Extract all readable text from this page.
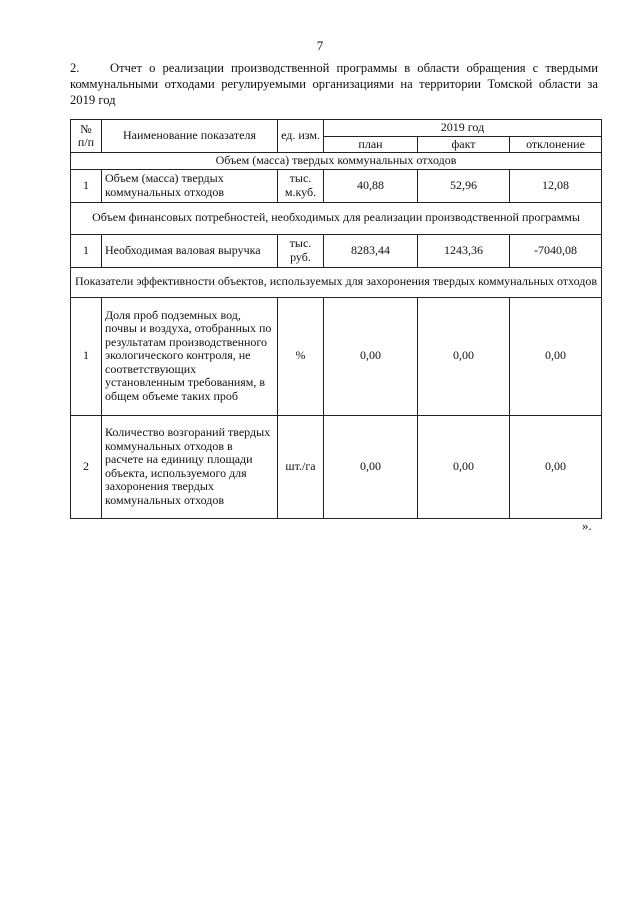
7
2. Отчет о реализации производственной программы в области обращения с твердыми коммунальными отходами регулируемыми организациями на территории Томской области за 2019 год
№ п/п	Наименование показателя	ед. изм.	2019 год		
			план	факт	отклонение
Объем (масса) твердых коммунальных отходов					
1	Объем (масса) твердых коммунальных отходов	тыс. м.куб.	40,88	52,96	12,08
Объем финансовых потребностей, необходимых для реализации производственной программы					
1	Необходимая валовая выручка	тыс. руб.	8283,44	1243,36	-7040,08
Показатели эффективности объектов, используемых для захоронения твердых коммунальных отходов					
1	Доля проб подземных вод, почвы и воздуха, отобранных по результатам производственного экологического контроля, не соответствующих установленным требованиям, в общем объеме таких проб	%	0,00	0,00	0,00
2	Количество возгораний твердых коммунальных отходов в расчете на единицу площади объекта, используемого для захоронения твердых коммунальных отходов	шт./га	0,00	0,00	0,00
».
